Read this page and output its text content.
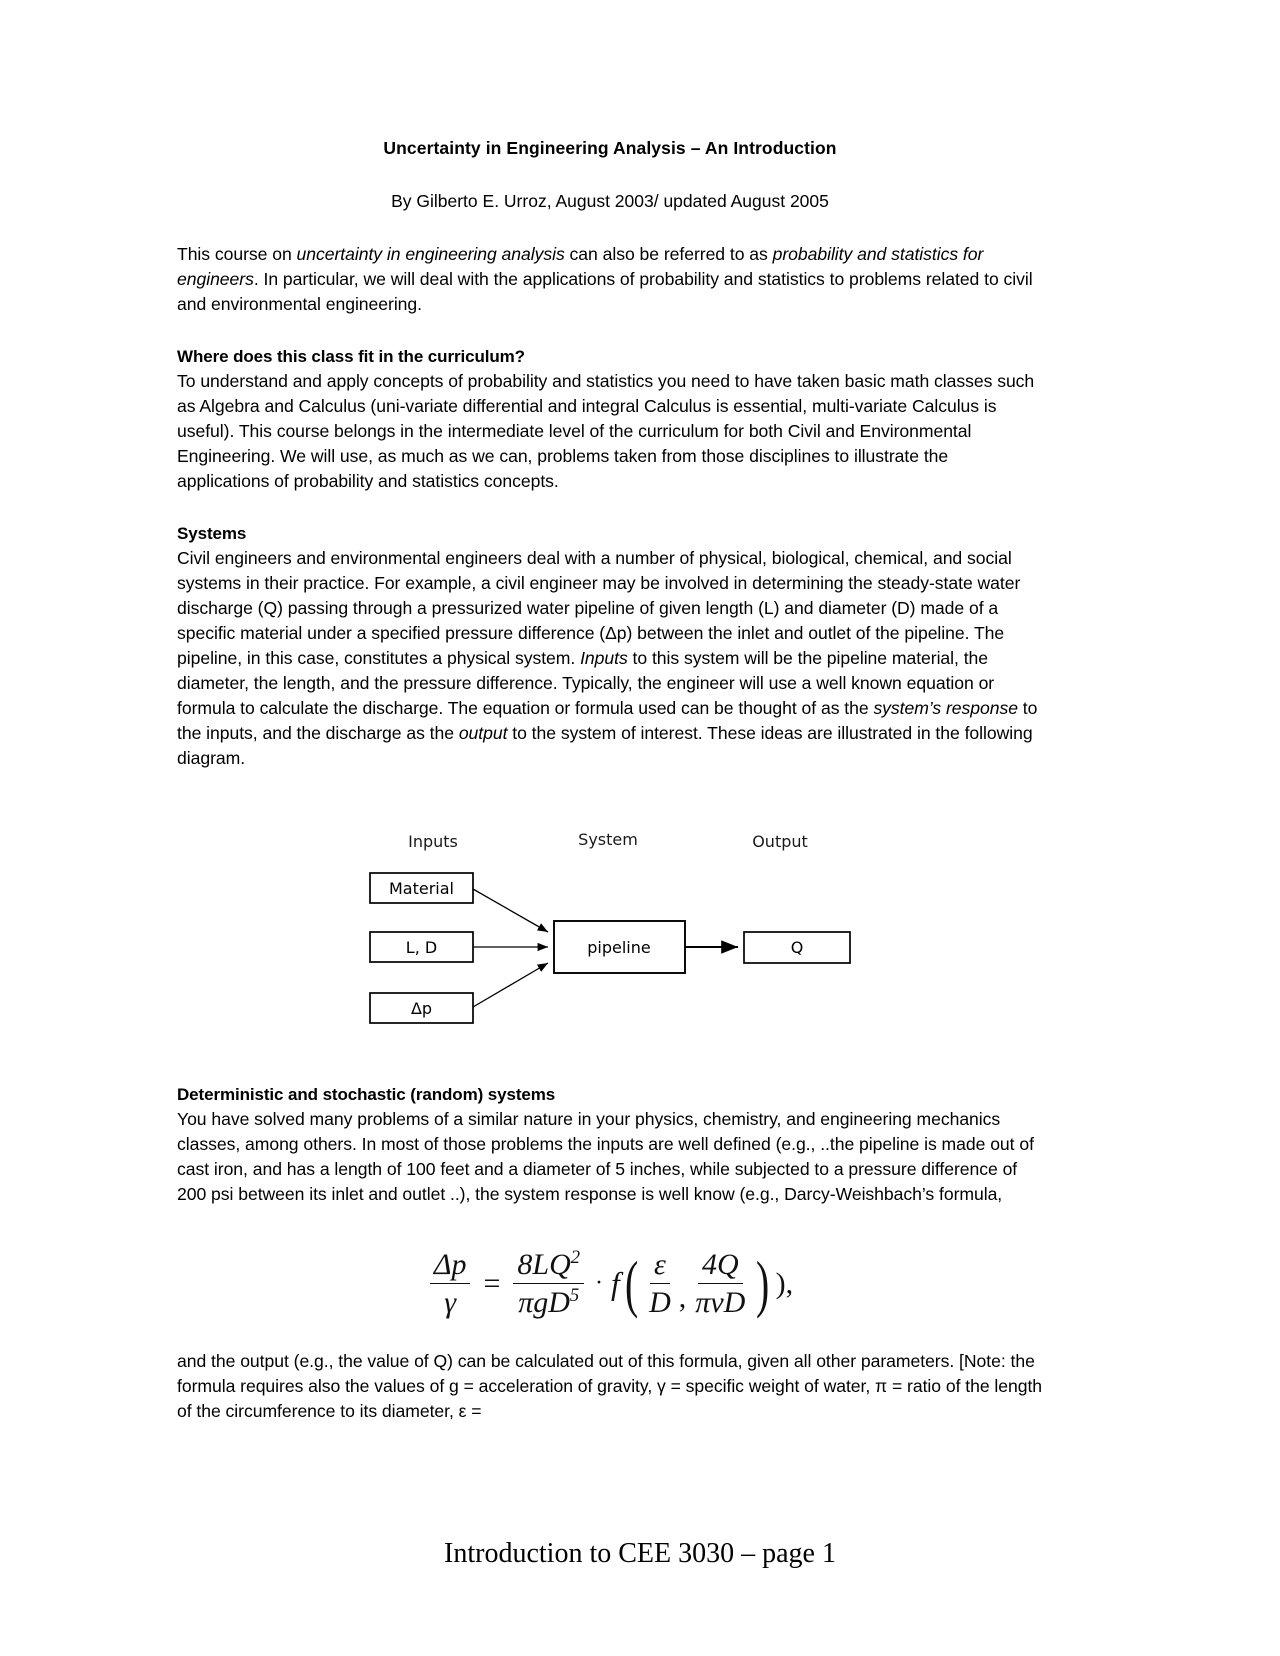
Uncertainty in Engineering Analysis – An Introduction
By Gilberto E. Urroz, August 2003/ updated August 2005

This course on uncertainty in engineering analysis can also be referred to as probability and statistics for engineers. In particular, we will deal with the applications of probability and statistics to problems related to civil and environmental engineering.

Where does this class fit in the curriculum?

To understand and apply concepts of probability and statistics you need to have taken basic math classes such as Algebra and Calculus (uni-variate differential and integral Calculus is essential, multi-variate Calculus is useful). This course belongs in the intermediate level of the curriculum for both Civil and Environmental Engineering. We will use, as much as we can, problems taken from those disciplines to illustrate the applications of probability and statistics concepts.

Systems

Civil engineers and environmental engineers deal with a number of physical, biological, chemical, and social systems in their practice. For example, a civil engineer may be involved in determining the steady-state water discharge (Q) passing through a pressurized water pipeline of given length (L) and diameter (D) made of a specific material under a specified pressure difference (Δp) between the inlet and outlet of the pipeline. The pipeline, in this case, constitutes a physical system. Inputs to this system will be the pipeline material, the diameter, the length, and the pressure difference. Typically, the engineer will use a well known equation or formula to calculate the discharge. The equation or formula used can be thought of as the system’s response to the inputs, and the discharge as the output to the system of interest. These ideas are illustrated in the following diagram.

Inputs	System	Output
Material
L, D
Δp
pipeline	Q
Deterministic and stochastic (random) systems

You have solved many problems of a similar nature in your physics, chemistry, and engineering mechanics classes, among others. In most of those problems the inputs are well defined (e.g., ..the pipeline is made out of cast iron, and has a length of 100 feet and a diameter of 5 inches, while subjected to a pressure difference of 200 psi between its inlet and outlet ..), the system response is well know (e.g., Darcy-Weishbach’s formula,

$\frac{\Delta p}{\gamma} = \frac{8LQ^2}{\pi gD^5} \cdot f$ ( $\frac{\varepsilon}{D}$ , $\frac{4Q}{\text{πνD}}$ ) ),

and the output (e.g., the value of Q) can be calculated out of this formula, given all other parameters. [Note: the formula requires also the values of g = acceleration of gravity, γ = specific weight of water, π = ratio of the length of the circumference to its diameter, ε =

Introduction to CEE 3030 – page 1
